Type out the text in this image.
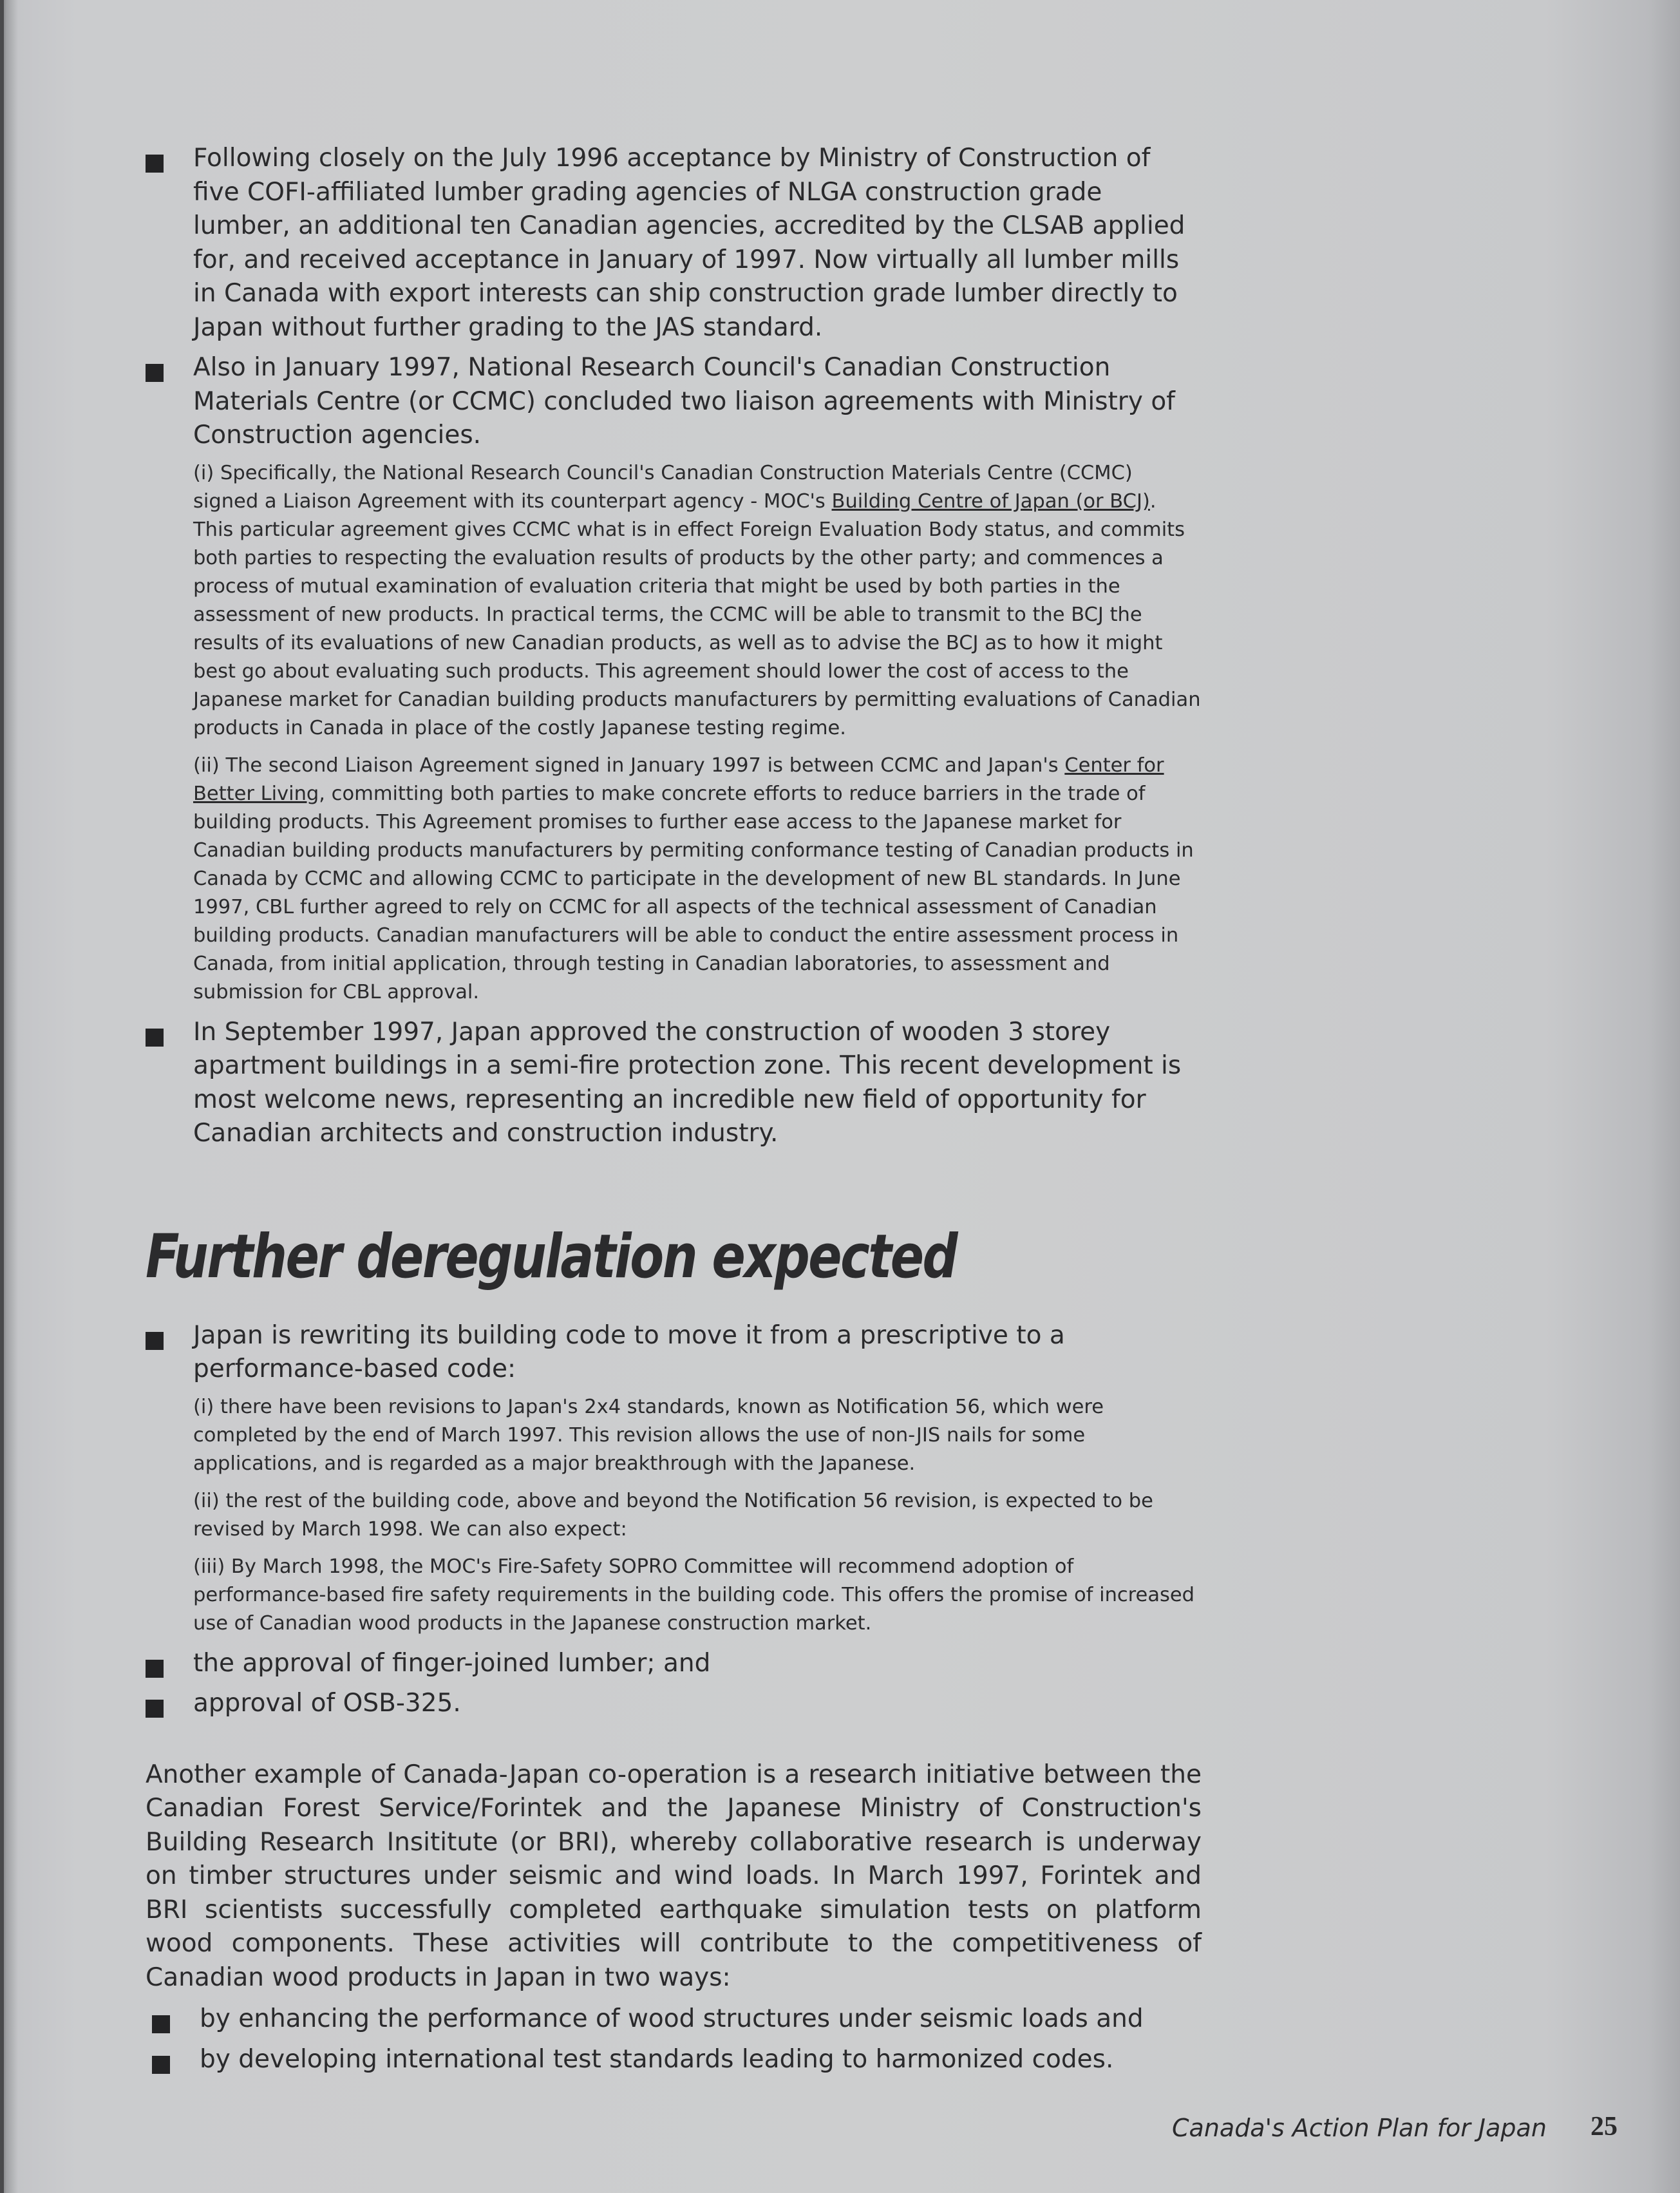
Following closely on the July 1996 acceptance by Ministry of Construction of five COFI-affiliated lumber grading agencies of NLGA construction grade lumber, an additional ten Canadian agencies, accredited by the CLSAB applied for, and received acceptance in January of 1997. Now virtually all lumber mills in Canada with export interests can ship construction grade lumber directly to Japan without further grading to the JAS standard.
Also in January 1997, National Research Council's Canadian Construction Materials Centre (or CCMC) concluded two liaison agreements with Ministry of Construction agencies.
(i) Specifically, the National Research Council's Canadian Construction Materials Centre (CCMC) signed a Liaison Agreement with its counterpart agency - MOC's Building Centre of Japan (or BCJ). This particular agreement gives CCMC what is in effect Foreign Evaluation Body status, and commits both parties to respecting the evaluation results of products by the other party; and commences a process of mutual examination of evaluation criteria that might be used by both parties in the assessment of new products. In practical terms, the CCMC will be able to transmit to the BCJ the results of its evaluations of new Canadian products, as well as to advise the BCJ as to how it might best go about evaluating such products. This agreement should lower the cost of access to the Japanese market for Canadian building products manufacturers by permitting evaluations of Canadian products in Canada in place of the costly Japanese testing regime.
(ii) The second Liaison Agreement signed in January 1997 is between CCMC and Japan's Center for Better Living, committing both parties to make concrete efforts to reduce barriers in the trade of building products. This Agreement promises to further ease access to the Japanese market for Canadian building products manufacturers by permiting conformance testing of Canadian products in Canada by CCMC and allowing CCMC to participate in the development of new BL standards. In June 1997, CBL further agreed to rely on CCMC for all aspects of the technical assessment of Canadian building products. Canadian manufacturers will be able to conduct the entire assessment process in Canada, from initial application, through testing in Canadian laboratories, to assessment and submission for CBL approval.
In September 1997, Japan approved the construction of wooden 3 storey apartment buildings in a semi-fire protection zone. This recent development is most welcome news, representing an incredible new field of opportunity for Canadian architects and construction industry.
Further deregulation expected
Japan is rewriting its building code to move it from a prescriptive to a performance-based code:
(i) there have been revisions to Japan's 2x4 standards, known as Notification 56, which were completed by the end of March 1997. This revision allows the use of non-JIS nails for some applications, and is regarded as a major breakthrough with the Japanese.
(ii) the rest of the building code, above and beyond the Notification 56 revision, is expected to be revised by March 1998. We can also expect:
(iii) By March 1998, the MOC's Fire-Safety SOPRO Committee will recommend adoption of performance-based fire safety requirements in the building code. This offers the promise of increased use of Canadian wood products in the Japanese construction market.
the approval of finger-joined lumber; and
approval of OSB-325.

Another example of Canada-Japan co-operation is a research initiative between the Canadian Forest Service/Forintek and the Japanese Ministry of Construction's Building Research Insititute (or BRI), whereby collaborative research is underway on timber structures under seismic and wind loads. In March 1997, Forintek and BRI scientists successfully completed earthquake simulation tests on platform wood components. These activities will contribute to the competitiveness of Canadian wood products in Japan in two ways:

by enhancing the performance of wood structures under seismic loads and
by developing international test standards leading to harmonized codes.
Canada's Action Plan for Japan 25
